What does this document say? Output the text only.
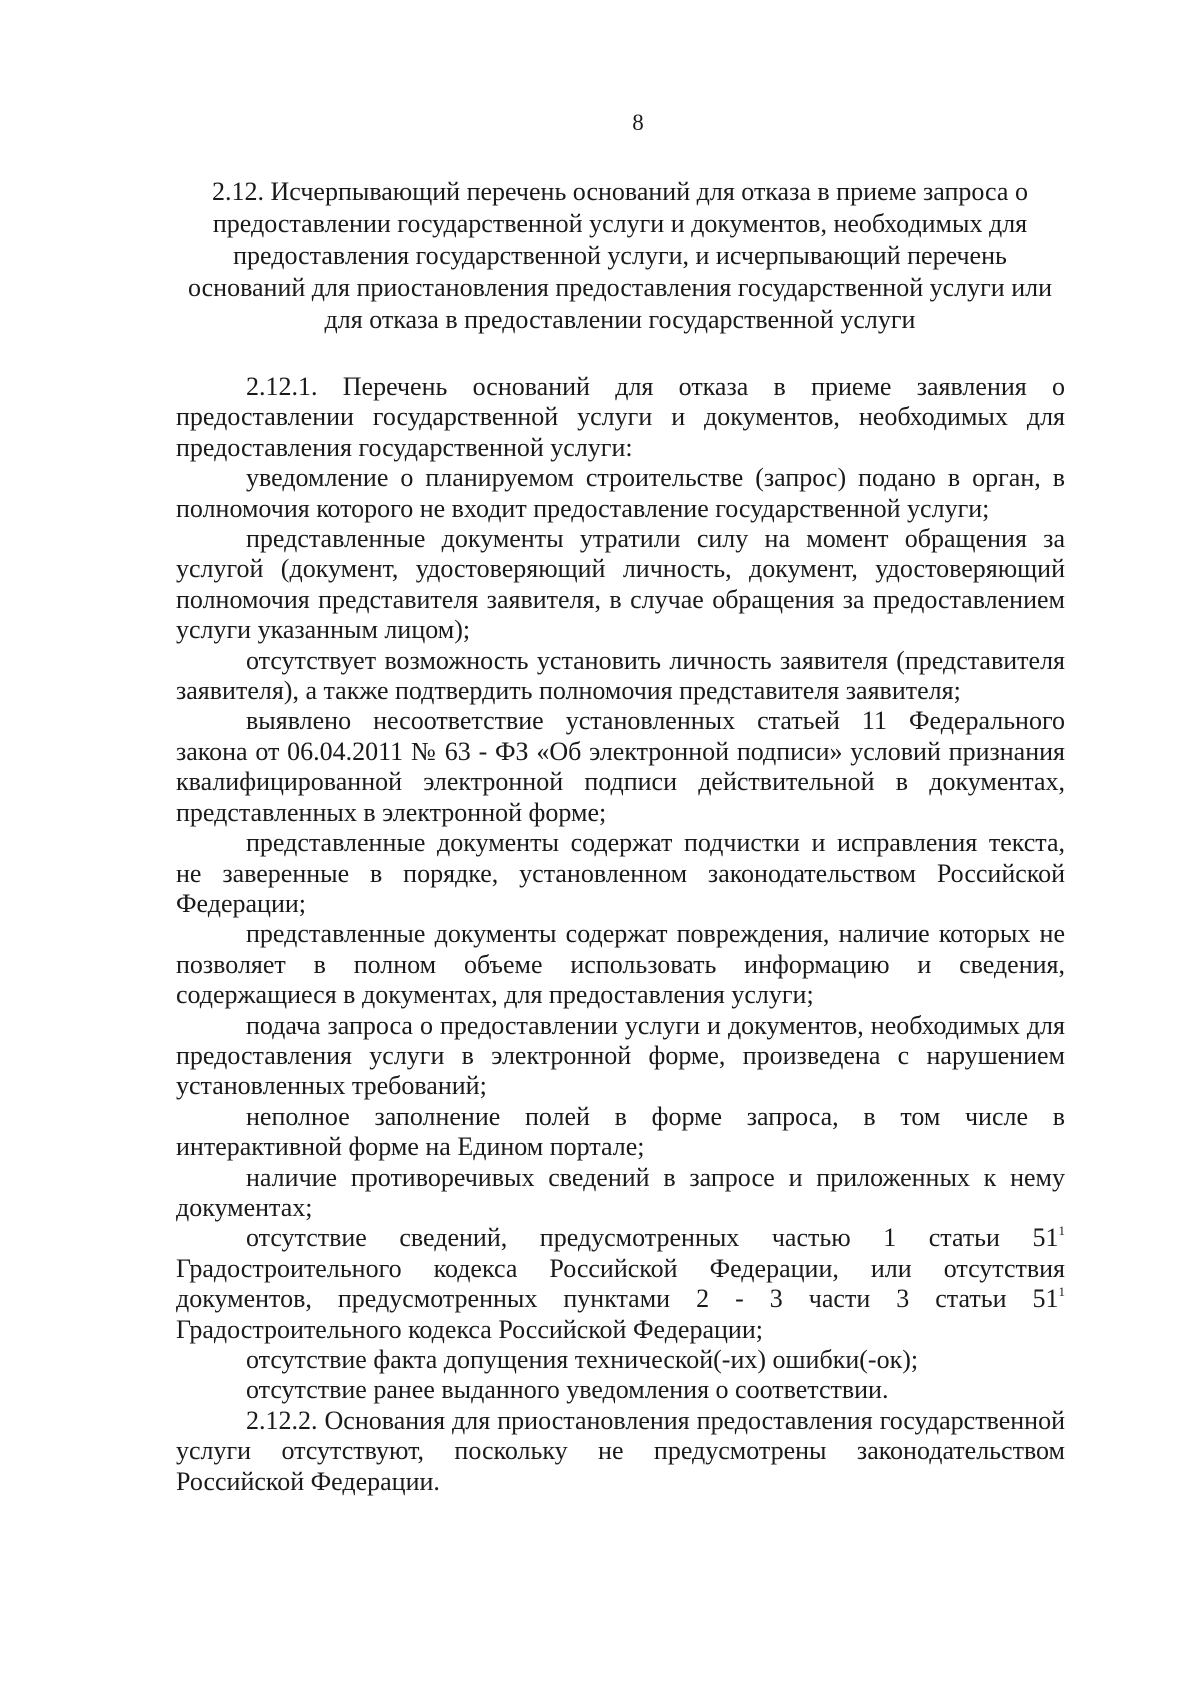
8
2.12. Исчерпывающий перечень оснований для отказа в приеме запроса о
предоставлении государственной услуги и документов, необходимых для
предоставления государственной услуги, и исчерпывающий перечень
оснований для приостановления предоставления государственной услуги или
для отказа в предоставлении государственной услуги

2.12.1. Перечень оснований для отказа в приеме заявления о предоставлении государственной услуги и документов, необходимых для предоставления государственной услуги:

уведомление о планируемом строительстве (запрос) подано в орган, в полномочия которого не входит предоставление государственной услуги;

представленные документы утратили силу на момент обращения за услугой (документ, удостоверяющий личность, документ, удостоверяющий полномочия представителя заявителя, в случае обращения за предоставлением услуги указанным лицом);

отсутствует возможность установить личность заявителя (представителя заявителя), а также подтвердить полномочия представителя заявителя;

выявлено несоответствие установленных статьей 11 Федерального закона от 06.04.2011 № 63 - ФЗ «Об электронной подписи» условий признания квалифицированной электронной подписи действительной в документах, представленных в электронной форме;

представленные документы содержат подчистки и исправления текста, не заверенные в порядке, установленном законодательством Российской Федерации;

представленные документы содержат повреждения, наличие которых не позволяет в полном объеме использовать информацию и сведения, содержащиеся в документах, для предоставления услуги;

подача запроса о предоставлении услуги и документов, необходимых для предоставления услуги в электронной форме, произведена с нарушением установленных требований;

неполное заполнение полей в форме запроса, в том числе в интерактивной форме на Едином портале;

наличие противоречивых сведений в запросе и приложенных к нему документах;

отсутствие сведений, предусмотренных частью 1 статьи $51^1$ Градостроительного кодекса Российской Федерации, или отсутствия документов, предусмотренных пунктами 2 - 3 части 3 статьи $51^1$ Градостроительного кодекса Российской Федерации;

отсутствие факта допущения технической(-их) ошибки(-ок);

отсутствие ранее выданного уведомления о соответствии.

2.12.2. Основания для приостановления предоставления государственной услуги отсутствуют, поскольку не предусмотрены законодательством Российской Федерации.
